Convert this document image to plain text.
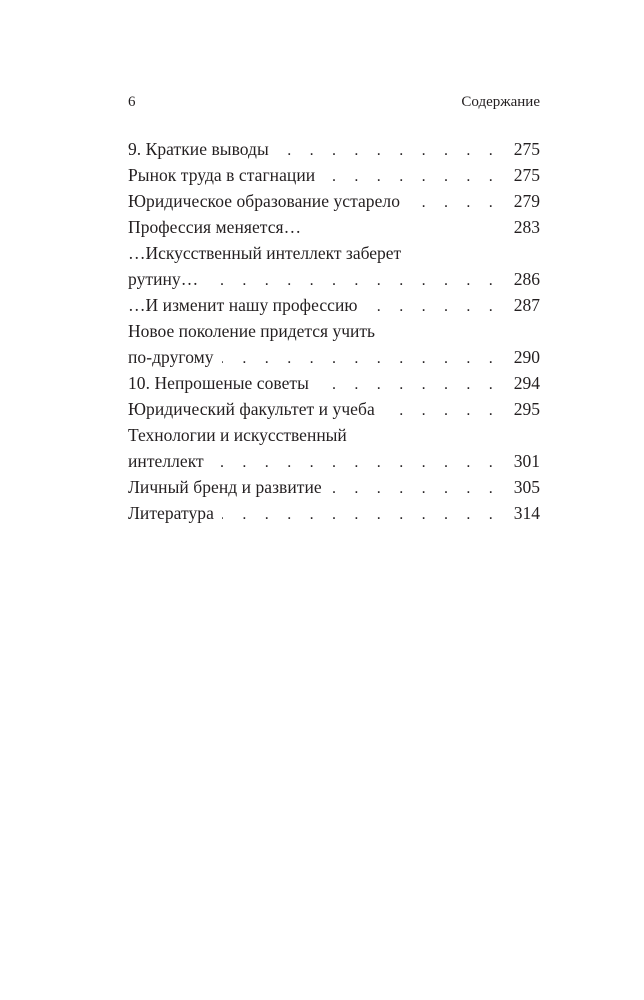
6	Содержание
9. Краткие выводы . . .	275
Рынок труда в стагнации . . .	275
Юридическое образование устарело . . .	279
Профессия меняется…	283
…Искусственный интеллект заберет
рутину… . . .	286
…И изменит нашу профессию . . .	287
Новое поколение придется учить
по-другому . . .	290
10. Непрошеные советы . . .	294
Юридический факультет и учеба . . .	295
Технологии и искусственный
интеллект . . .	301
Личный бренд и развитие . . .	305
Литература . . .	314
